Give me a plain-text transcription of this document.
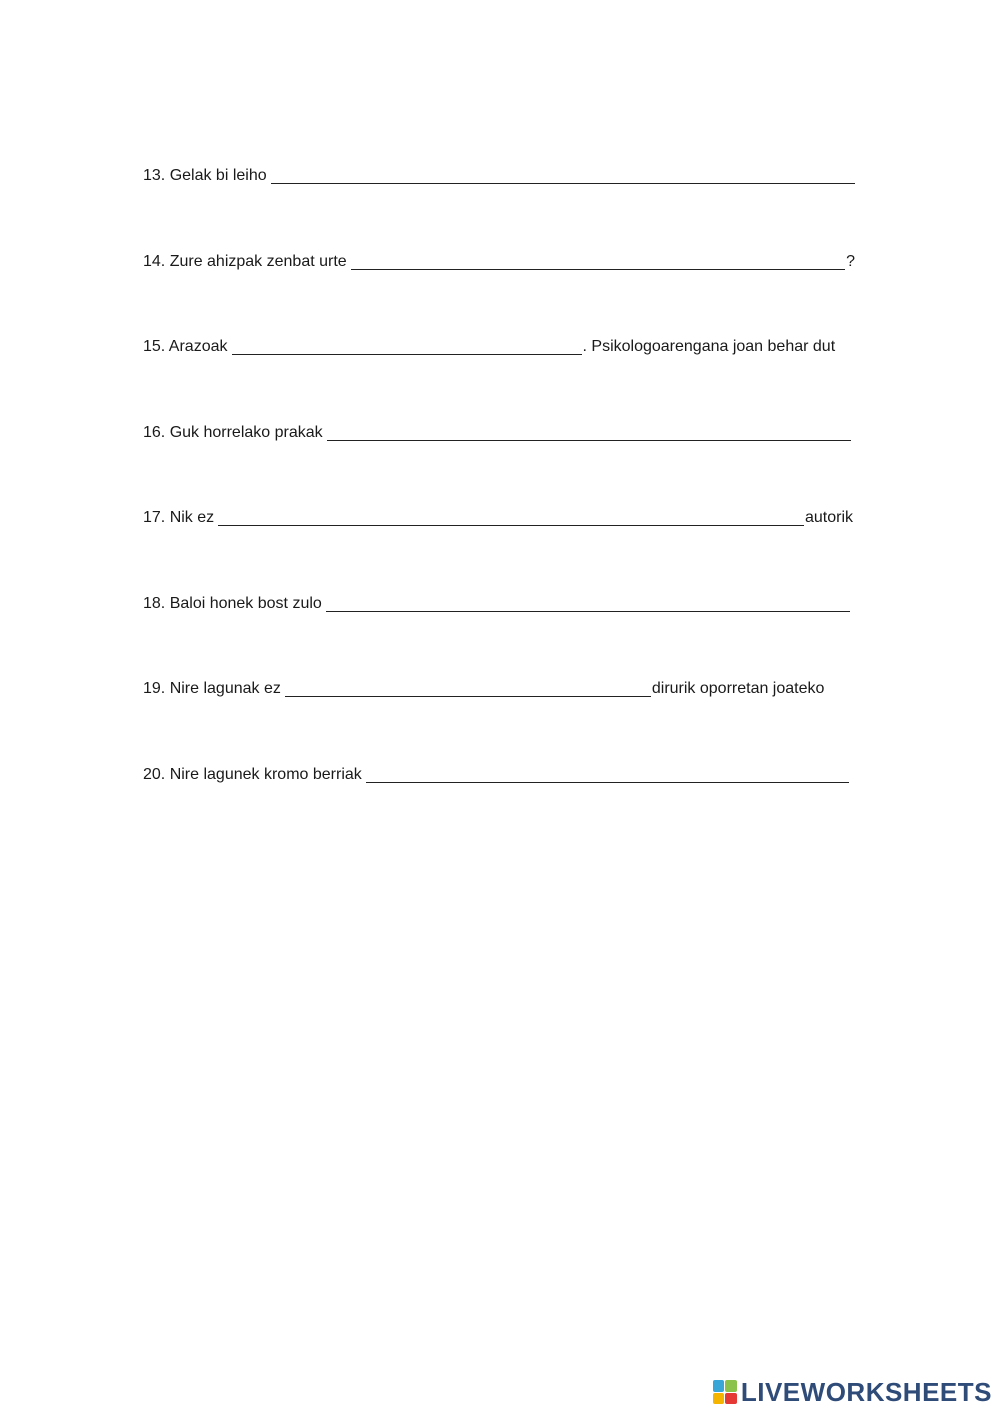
13. Gelak bi leiho
14. Zure ahizpak zenbat urte	?
15. Arazoak	. Psikologoarengana joan behar dut
16. Guk horrelako prakak
17. Nik ez	autorik
18. Baloi honek bost zulo
19. Nire lagunak ez	dirurik oporretan joateko
20. Nire lagunek kromo berriak
LIVEWORKSHEETS
